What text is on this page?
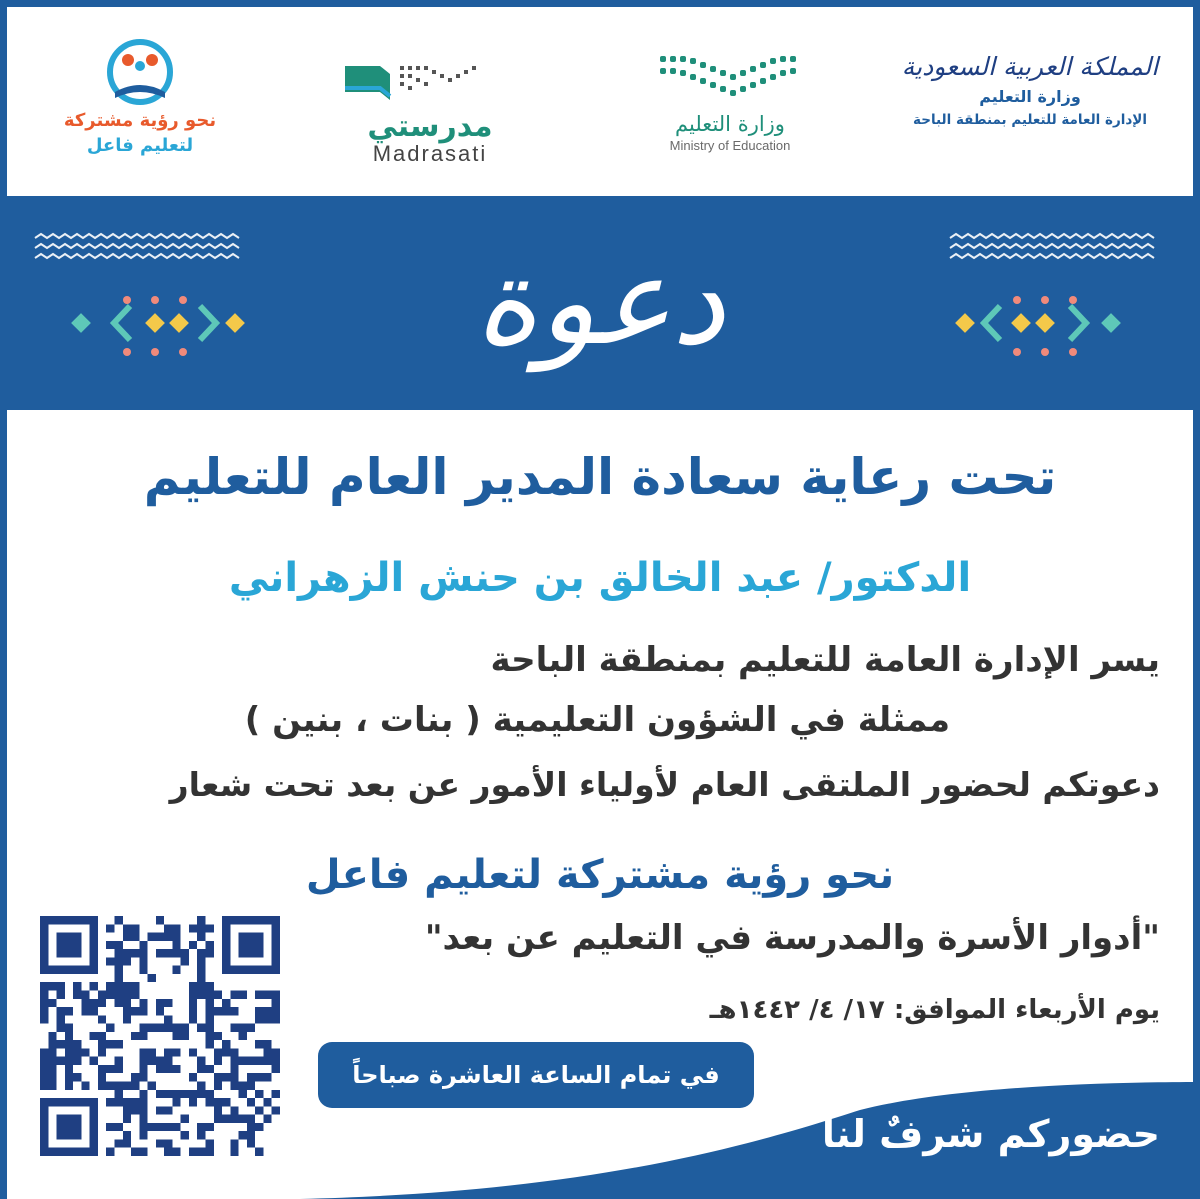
المملكة العربية السعودية
وزارة التعليم
الإدارة العامة للتعليم بمنطقة الباحة
وزارة التعليم
Ministry of Education
مدرستي
Madrasati
نحو رؤية مشتركة
لتعليم فاعل
دعوة
تحت رعاية سعادة المدير العام للتعليم
الدكتور/ عبد الخالق بن حنش الزهراني
يسر الإدارة العامة للتعليم بمنطقة الباحة
ممثلة في الشؤون التعليمية ( بنات ، بنين )
دعوتكم لحضور الملتقى العام لأولياء الأمور عن بعد تحت شعار
نحو رؤية مشتركة لتعليم فاعل
"أدوار الأسرة والمدرسة في التعليم عن بعد"
يوم الأربعاء الموافق: ١٧/ ٤/ ١٤٤٢هـ
في تمام الساعة العاشرة صباحاً
حضوركم شرفٌ لنا
